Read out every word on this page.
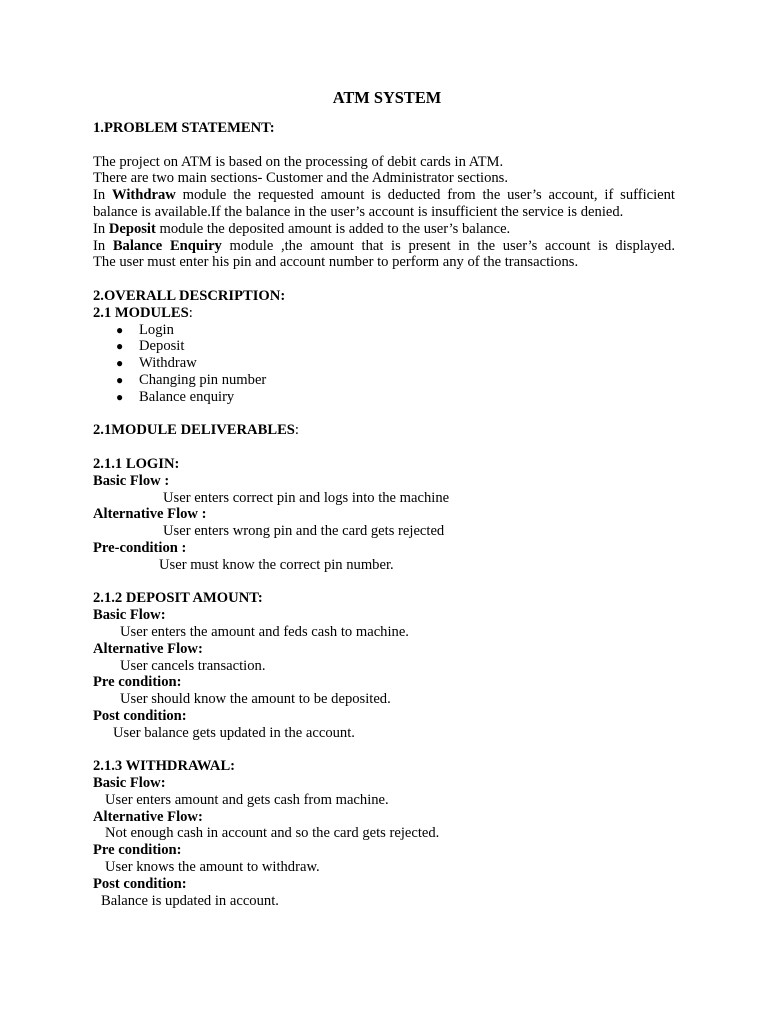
ATM SYSTEM

1.PROBLEM STATEMENT:

The project on ATM is based on the processing of debit cards in ATM.

There are two main sections- Customer and the Administrator sections.

In Withdraw module the requested amount is deducted from the user’s account, if sufficient

balance is available.If the balance in the user’s account is insufficient the service is denied.

In Deposit module the deposited amount is added to the user’s balance.

In Balance Enquiry module ,the amount that is present in the user’s account is displayed.

The user must enter his pin and account number to perform any of the transactions.

2.OVERALL DESCRIPTION:

2.1 MODULES:

● Login
● Deposit
● Withdraw
● Changing pin number
● Balance enquiry

2.1MODULE DELIVERABLES:

2.1.1 LOGIN:

Basic Flow :

User enters correct pin and logs into the machine

Alternative Flow :

User enters wrong pin and the card gets rejected

Pre-condition :

User must know the correct pin number.

2.1.2 DEPOSIT AMOUNT:

Basic Flow:

User enters the amount and feds cash to machine.

Alternative Flow:

User cancels transaction.

Pre condition:

User should know the amount to be deposited.

Post condition:

User balance gets updated in the account.

2.1.3 WITHDRAWAL:

Basic Flow:

User enters amount and gets cash from machine.

Alternative Flow:

Not enough cash in account and so the card gets rejected.

Pre condition:

User knows the amount to withdraw.

Post condition:

Balance is updated in account.
